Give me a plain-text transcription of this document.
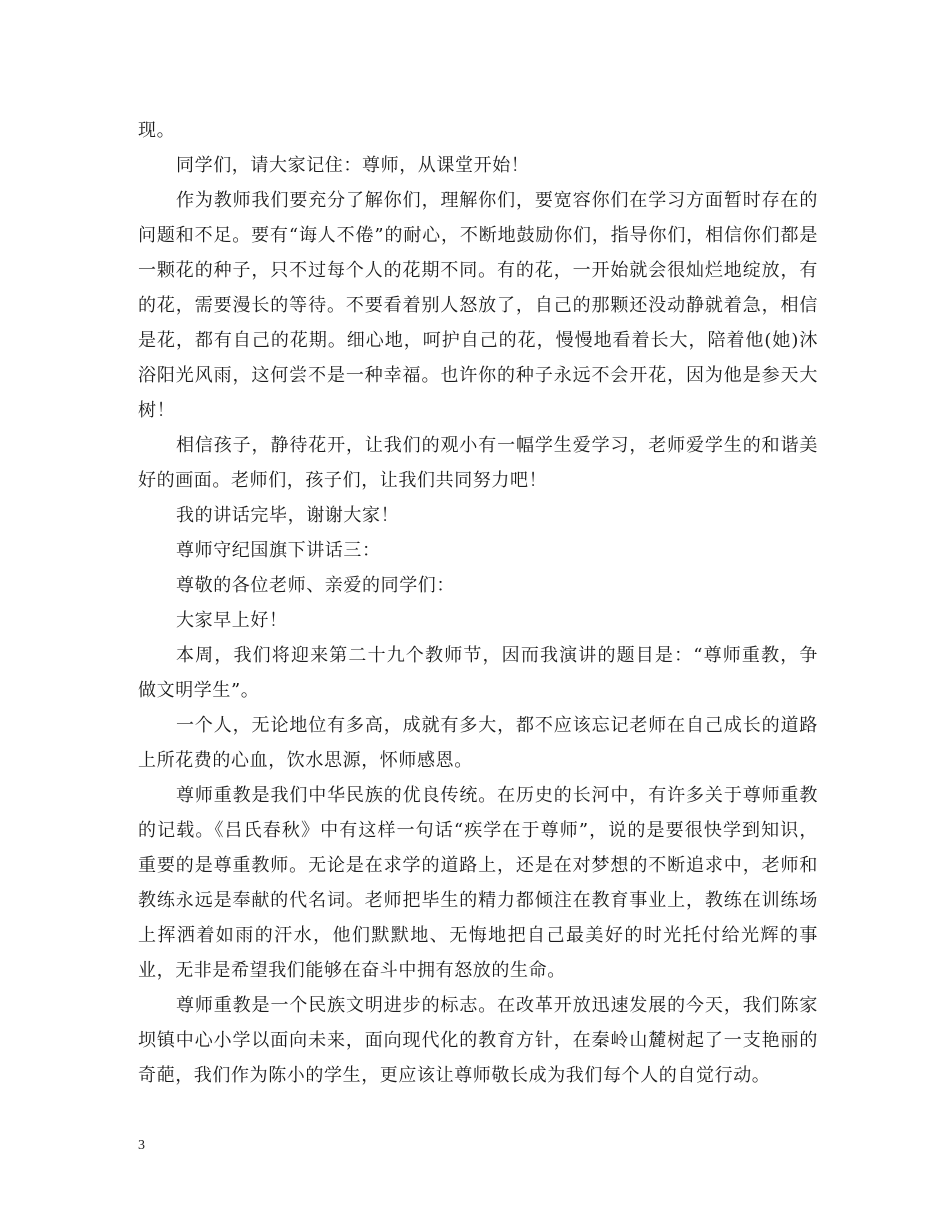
现。

同学们，请大家记住：尊师，从课堂开始！

作为教师我们要充分了解你们，理解你们，要宽容你们在学习方面暂时存在的问题和不足。要有“诲人不倦”的耐心，不断地鼓励你们，指导你们，相信你们都是一颗花的种子，只不过每个人的花期不同。有的花，一开始就会很灿烂地绽放，有的花，需要漫长的等待。不要看着别人怒放了，自己的那颗还没动静就着急，相信是花，都有自己的花期。细心地，呵护自己的花，慢慢地看着长大，陪着他(她)沐浴阳光风雨，这何尝不是一种幸福。也许你的种子永远不会开花，因为他是参天大树！

相信孩子，静待花开，让我们的观小有一幅学生爱学习，老师爱学生的和谐美好的画面。老师们，孩子们，让我们共同努力吧！

我的讲话完毕，谢谢大家！

尊师守纪国旗下讲话三：

尊敬的各位老师、亲爱的同学们：

大家早上好！

本周，我们将迎来第二十九个教师节，因而我演讲的题目是：“尊师重教，争做文明学生”。

一个人，无论地位有多高，成就有多大，都不应该忘记老师在自己成长的道路上所花费的心血，饮水思源，怀师感恩。

尊师重教是我们中华民族的优良传统。在历史的长河中，有许多关于尊师重教的记载。《吕氏春秋》中有这样一句话“疾学在于尊师”，说的是要很快学到知识，重要的是尊重教师。无论是在求学的道路上，还是在对梦想的不断追求中，老师和教练永远是奉献的代名词。老师把毕生的精力都倾注在教育事业上，教练在训练场上挥洒着如雨的汗水，他们默默地、无悔地把自己最美好的时光托付给光辉的事业，无非是希望我们能够在奋斗中拥有怒放的生命。

尊师重教是一个民族文明进步的标志。在改革开放迅速发展的今天，我们陈家坝镇中心小学以面向未来，面向现代化的教育方针，在秦岭山麓树起了一支艳丽的奇葩，我们作为陈小的学生，更应该让尊师敬长成为我们每个人的自觉行动。

3
